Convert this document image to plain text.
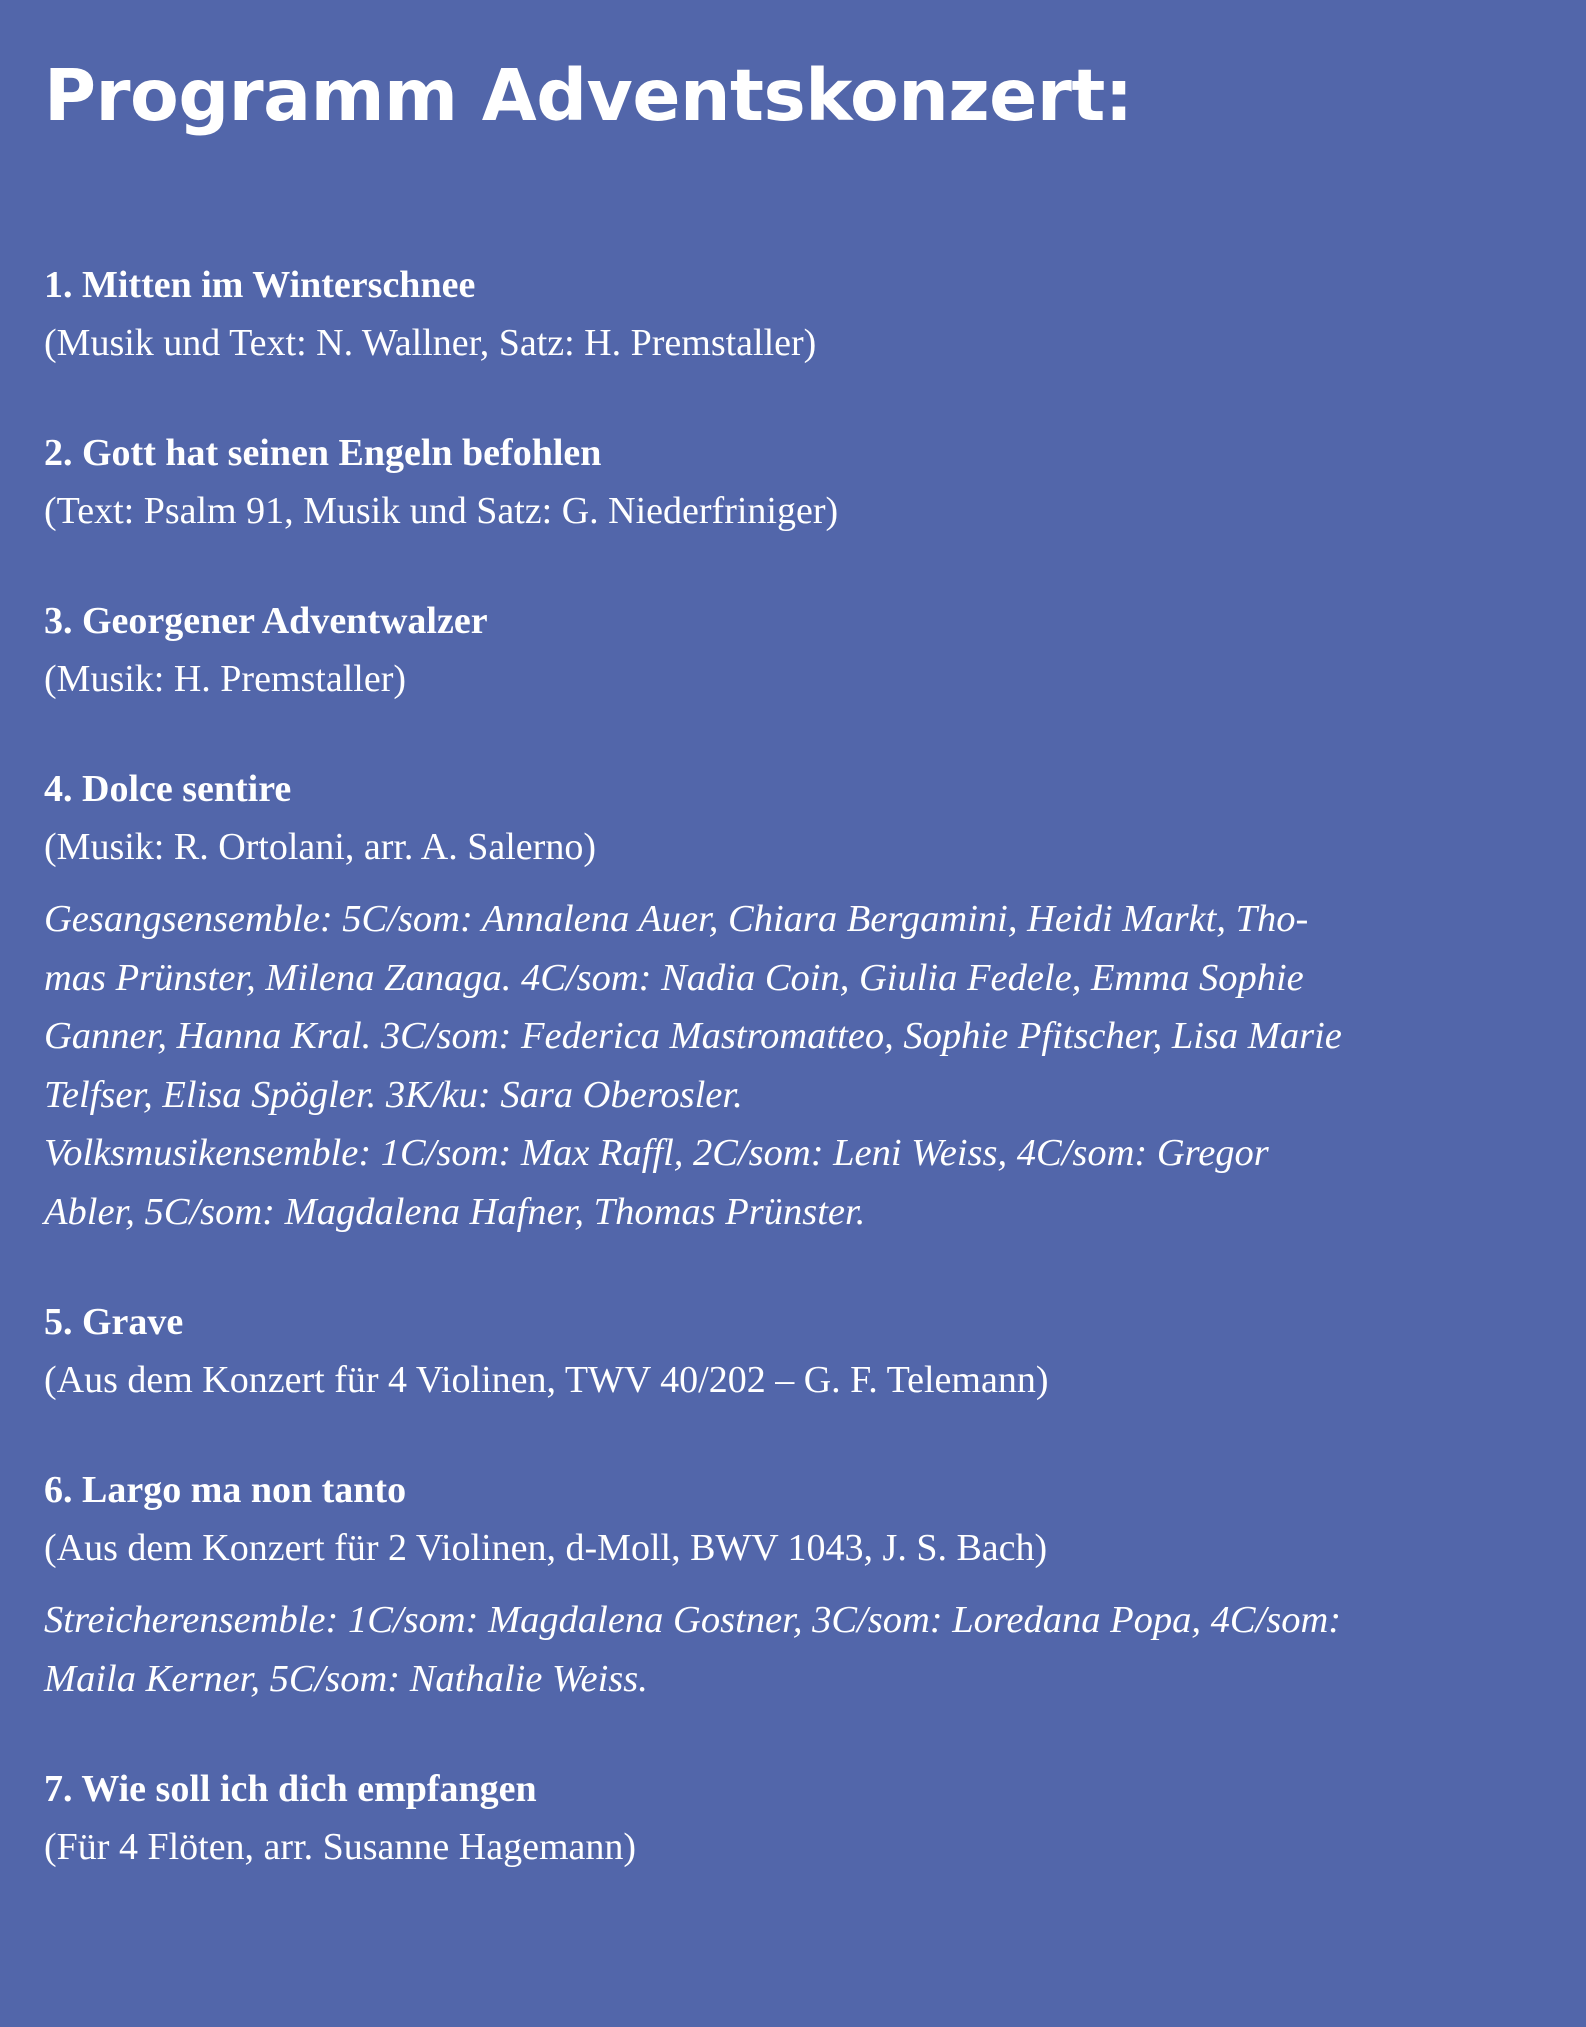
Programm Adventskonzert:
1. Mitten im Winterschnee
(Musik und Text: N. Wallner, Satz: H. Premstaller)
2. Gott hat seinen Engeln befohlen
(Text: Psalm 91, Musik und Satz: G. Niederfriniger)
3. Georgener Adventwalzer
(Musik: H. Premstaller)
4. Dolce sentire
(Musik: R. Ortolani, arr. A. Salerno)

Gesangsensemble: 5C/som: Annalena Auer, Chiara Bergamini, Heidi Markt, Tho-

mas Prünster, Milena Zanaga. 4C/som: Nadia Coin, Giulia Fedele, Emma Sophie

Ganner, Hanna Kral. 3C/som: Federica Mastromatteo, Sophie Pfitscher, Lisa Marie

Telfser, Elisa Spögler. 3K/ku: Sara Oberosler.

Volksmusikensemble: 1C/som: Max Raffl, 2C/som: Leni Weiss, 4C/som: Gregor

Abler, 5C/som: Magdalena Hafner, Thomas Prünster.

5. Grave
(Aus dem Konzert für 4 Violinen, TWV 40/202 – G. F. Telemann)
6. Largo ma non tanto
(Aus dem Konzert für 2 Violinen, d-Moll, BWV 1043, J. S. Bach)

Streicherensemble: 1C/som: Magdalena Gostner, 3C/som: Loredana Popa, 4C/som:

Maila Kerner, 5C/som: Nathalie Weiss.

7. Wie soll ich dich empfangen
(Für 4 Flöten, arr. Susanne Hagemann)
